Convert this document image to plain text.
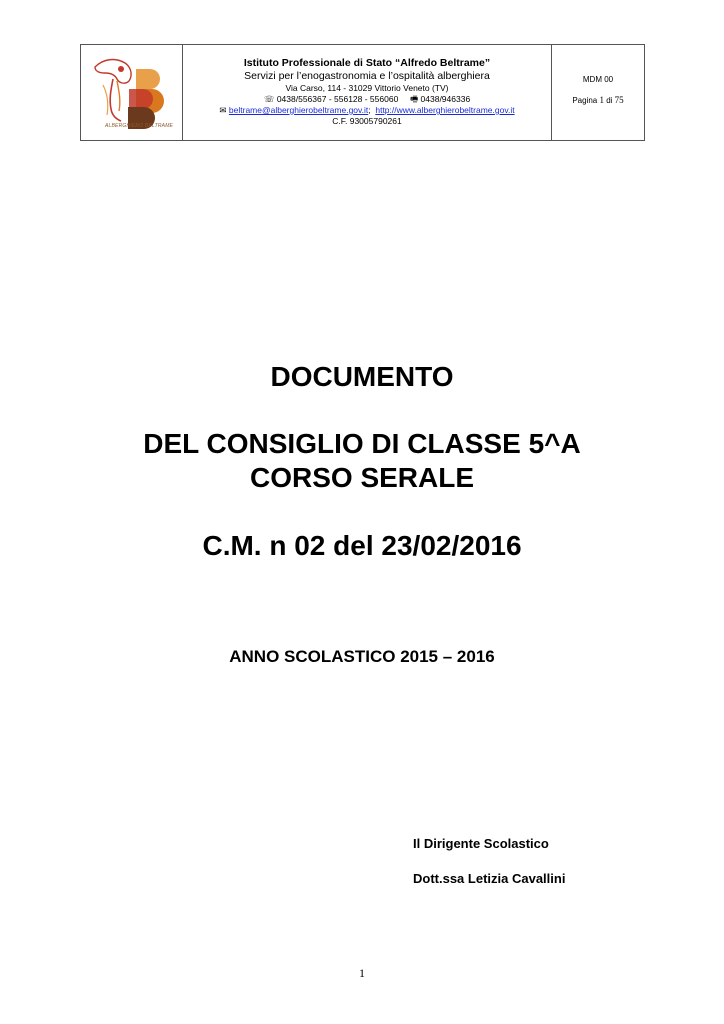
ALBERGHIERO BELTRAME
Istituto Professionale di Stato “Alfredo Beltrame”
Servizi per l’enogastronomia e l’ospitalità alberghiera
Via Carso, 114 - 31029 Vittorio Veneto (TV)
☏ 0438/556367 - 556128 - 556060 🖷 0438/946336
✉ beltrame@alberghierobeltrame.gov.it;  http://www.alberghierobeltrame.gov.it
C.F. 93005790261
MDM 00
Pagina 1 di 75
DOCUMENTO
DEL CONSIGLIO DI CLASSE 5^A
CORSO SERALE
C.M. n 02 del 23/02/2016
ANNO SCOLASTICO 2015 – 2016
Il Dirigente Scolastico
Dott.ssa Letizia Cavallini
1
